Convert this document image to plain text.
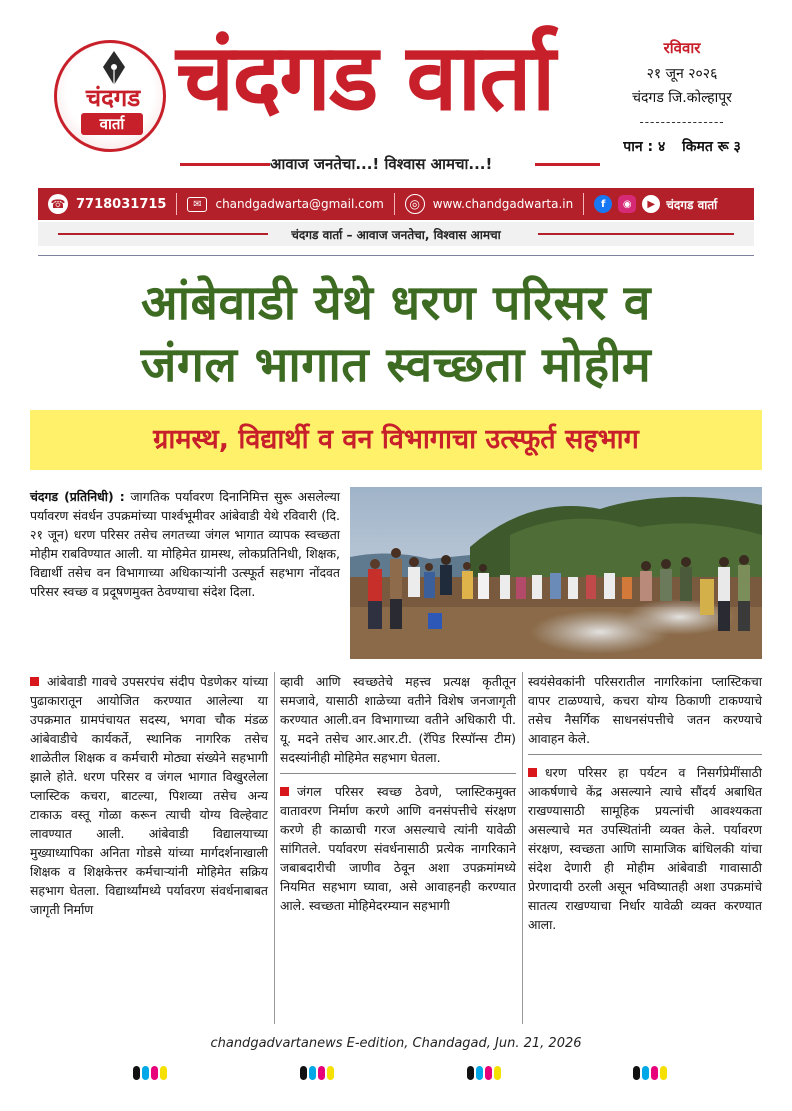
चंदगड
वार्ता चंदगड वार्ता
आवाज जनतेचा...! विश्वास आमचा...!
रविवार
२१ जून २०२६
चंदगड जि.कोल्हापूर
----------------
पान : ४ किमत रू ३
☎ 7718031715	✉	chandgadwarta@gmail.com	◎	www.chandgadwarta.in	f	◉	▶ चंदगड वार्ता
चंदगड वार्ता – आवाज जनतेचा, विश्वास आमचा
आंबेवाडी येथे धरण परिसर व
जंगल भागात स्वच्छता मोहीम
ग्रामस्थ, विद्यार्थी व वन विभागाचा उत्स्फूर्त सहभाग
चंदगड (प्रतिनिधी) : जागतिक पर्यावरण दिनानिमित्त सुरू असलेल्या पर्यावरण संवर्धन उपक्रमांच्या पार्श्वभूमीवर आंबेवाडी येथे रविवारी (दि. २१ जून) धरण परिसर तसेच लगतच्या जंगल भागात व्यापक स्वच्छता मोहीम राबविण्यात आली. या मोहिमेत ग्रामस्थ, लोकप्रतिनिधी, शिक्षक, विद्यार्थी तसेच वन विभागाच्या अधिकाऱ्यांनी उत्स्फूर्त सहभाग नोंदवत परिसर स्वच्छ व प्रदूषणमुक्त ठेवण्याचा संदेश दिला.

आंबेवाडी गावचे उपसरपंच संदीप पेडणेकर यांच्या पुढाकारातून आयोजित करण्यात आलेल्या या उपक्रमात ग्रामपंचायत सदस्य, भगवा चौक मंडळ आंबेवाडीचे कार्यकर्ते, स्थानिक नागरिक तसेच शाळेतील शिक्षक व कर्मचारी मोठ्या संख्येने सहभागी झाले होते. धरण परिसर व जंगल भागात विखुरलेला प्लास्टिक कचरा, बाटल्या, पिशव्या तसेच अन्य टाकाऊ वस्तू गोळा करून त्याची योग्य विल्हेवाट लावण्यात आली. आंबेवाडी विद्यालयाच्या मुख्याध्यापिका अनिता गोडसे यांच्या मार्गदर्शनाखाली शिक्षक व शिक्षकेत्तर कर्मचाऱ्यांनी मोहिमेत सक्रिय सहभाग घेतला. विद्यार्थ्यांमध्ये पर्यावरण संवर्धनाबाबत जागृती निर्माण

व्हावी आणि स्वच्छतेचे महत्त्व प्रत्यक्ष कृतीतून समजावे, यासाठी शाळेच्या वतीने विशेष जनजागृती करण्यात आली.वन विभागाच्या वतीने अधिकारी पी. यू. मदने तसेच आर.आर.टी. (रॅपिड रिस्पॉन्स टीम) सदस्यांनीही मोहिमेत सहभाग घेतला.

जंगल परिसर स्वच्छ ठेवणे, प्लास्टिकमुक्त वातावरण निर्माण करणे आणि वनसंपत्तीचे संरक्षण करणे ही काळाची गरज असल्याचे त्यांनी यावेळी सांगितले. पर्यावरण संवर्धनासाठी प्रत्येक नागरिकाने जबाबदारीची जाणीव ठेवून अशा उपक्रमांमध्ये नियमित सहभाग घ्यावा, असे आवाहनही करण्यात आले. स्वच्छता मोहिमेदरम्यान सहभागी

स्वयंसेवकांनी परिसरातील नागरिकांना प्लास्टिकचा वापर टाळण्याचे, कचरा योग्य ठिकाणी टाकण्याचे तसेच नैसर्गिक साधनसंपत्तीचे जतन करण्याचे आवाहन केले.

धरण परिसर हा पर्यटन व निसर्गप्रेमींसाठी आकर्षणाचे केंद्र असल्याने त्याचे सौंदर्य अबाधित राखण्यासाठी सामूहिक प्रयत्नांची आवश्यकता असल्याचे मत उपस्थितांनी व्यक्त केले. पर्यावरण संरक्षण, स्वच्छता आणि सामाजिक बांधिलकी यांचा संदेश देणारी ही मोहीम आंबेवाडी गावासाठी प्रेरणादायी ठरली असून भविष्यातही अशा उपक्रमांचे सातत्य राखण्याचा निर्धार यावेळी व्यक्त करण्यात आला.

chandgadvartanews E-edition, Chandagad, Jun. 21, 2026
